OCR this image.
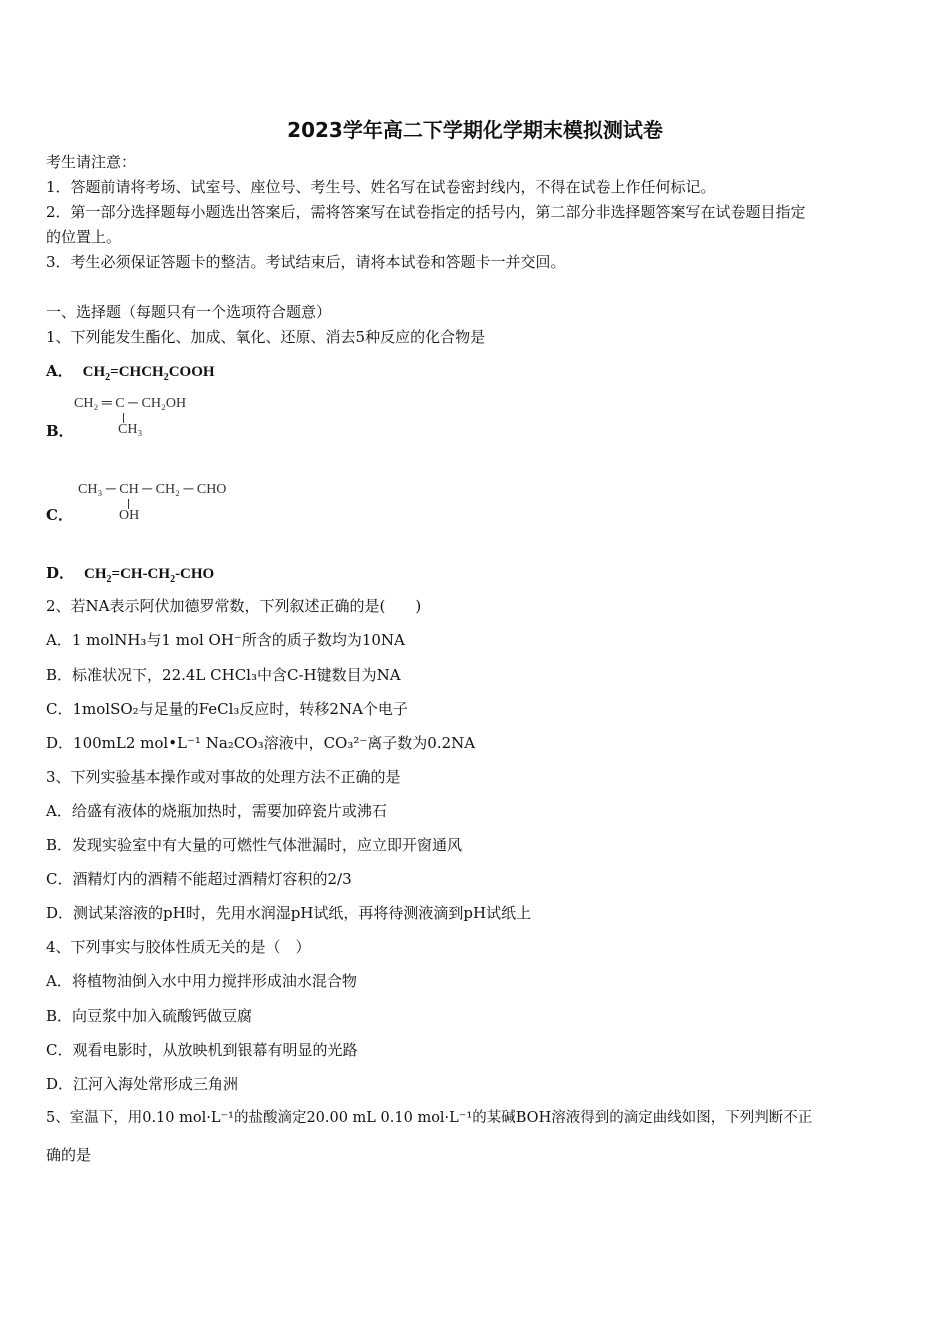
2023学年高二下学期化学期末模拟测试卷
考生请注意：
1．答题前请将考场、试室号、座位号、考生号、姓名写在试卷密封线内，不得在试卷上作任何标记。
2．第一部分选择题每小题选出答案后，需将答案写在试卷指定的括号内，第二部分非选择题答案写在试卷题目指定
的位置上。
3．考生必须保证答题卡的整洁。考试结束后，请将本试卷和答题卡一并交回。
一、选择题（每题只有一个选项符合题意）
1、下列能发生酯化、加成、氧化、还原、消去5种反应的化合物是
A． $CH_2=CHCH_2COOH$
B．
CH₂ ═ C ─ CH₂OH
CH₃
C．
CH₃ ─ CH ─ CH₂ ─ CHO
OH
D． $CH_2=CH-CH_2$-CHO
2、若NA表示阿伏加德罗常数，下列叙述正确的是(　　)
A．1 molNH₃与1 mol OH⁻所含的质子数均为10NA
B．标准状况下，22.4L CHCl₃中含C-H键数目为NA
C．1molSO₂与足量的FeCl₃反应时，转移2NA个电子
D．100mL2 mol•L⁻¹ Na₂CO₃溶液中，CO₃²⁻离子数为0.2NA
3、下列实验基本操作或对事故的处理方法不正确的是
A．给盛有液体的烧瓶加热时，需要加碎瓷片或沸石
B．发现实验室中有大量的可燃性气体泄漏时，应立即开窗通风
C．酒精灯内的酒精不能超过酒精灯容积的2/3
D．测试某溶液的pH时，先用水润湿pH试纸，再将待测液滴到pH试纸上
4、下列事实与胶体性质无关的是（　）
A．将植物油倒入水中用力搅拌形成油水混合物
B．向豆浆中加入硫酸钙做豆腐
C．观看电影时，从放映机到银幕有明显的光路
D．江河入海处常形成三角洲
5、室温下，用0.10 mol·L⁻¹的盐酸滴定20.00 mL 0.10 mol·L⁻¹的某碱BOH溶液得到的滴定曲线如图，下列判断不正
确的是
